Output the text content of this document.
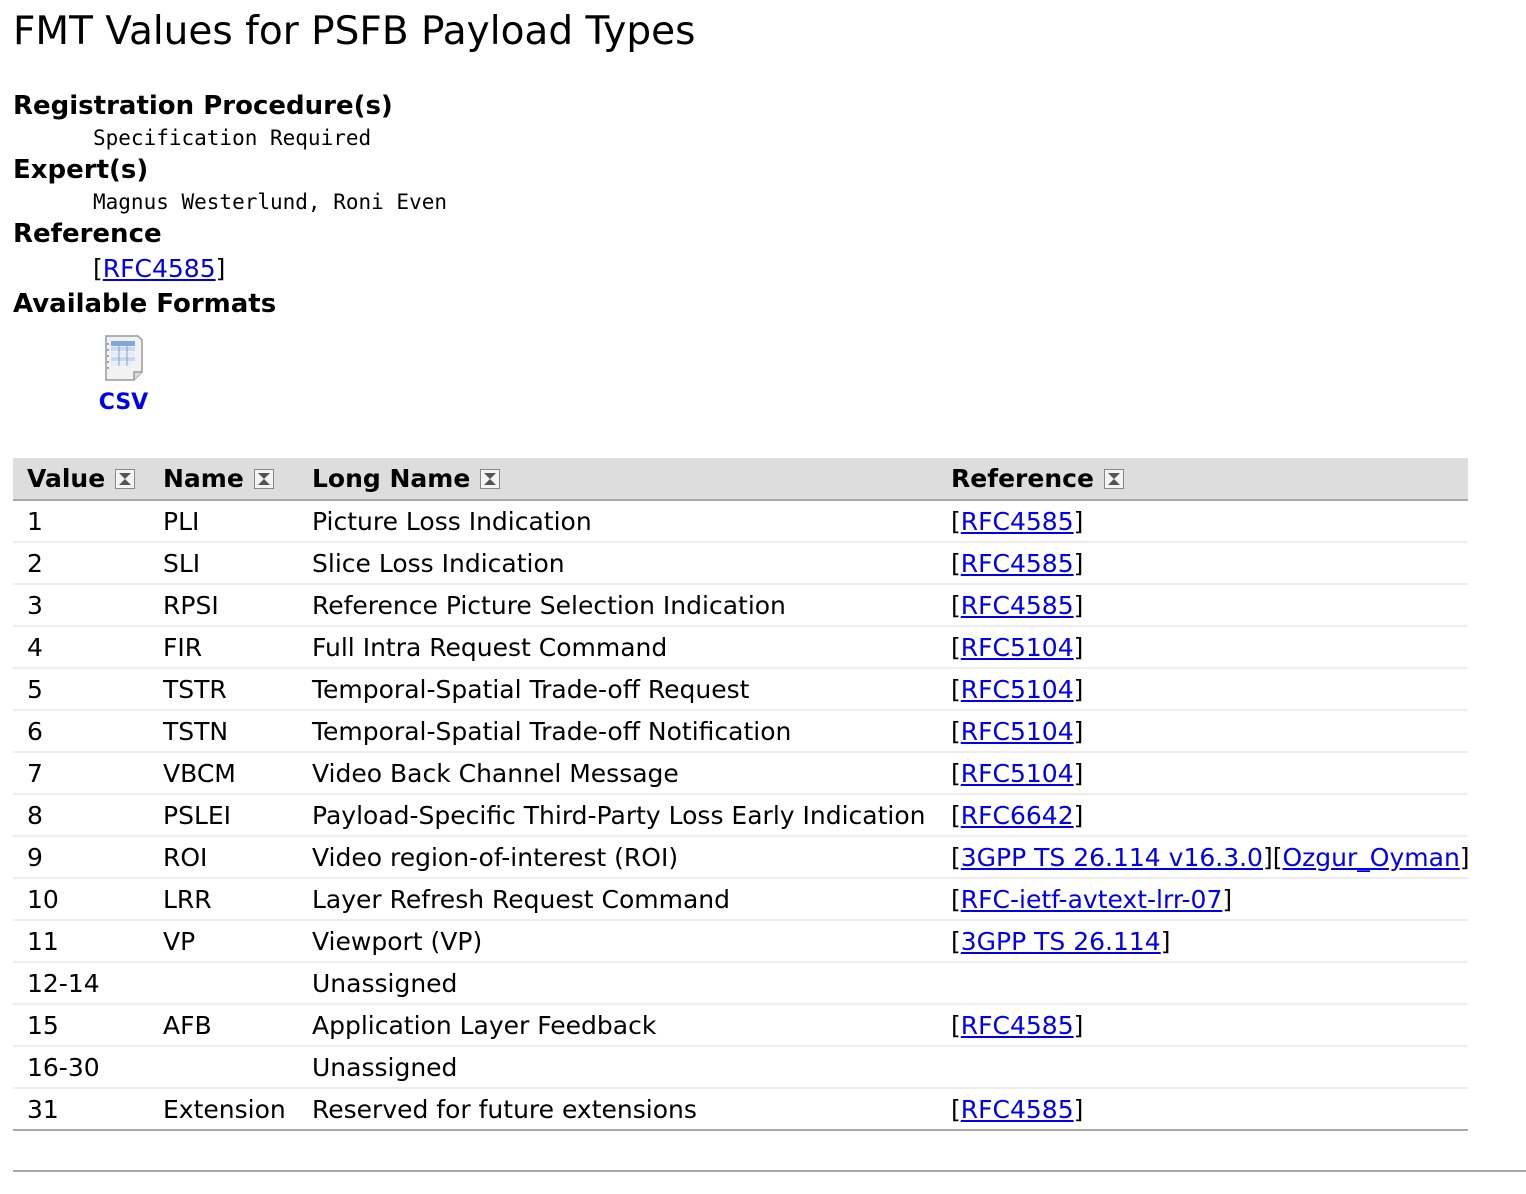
FMT Values for PSFB Payload Types
Registration Procedure(s)
Specification Required
Expert(s)
Magnus Westerlund, Roni Even
Reference
[RFC4585]
Available Formats
CSV
Value	Name	Long Name	Reference
1	PLI	Picture Loss Indication	[RFC4585]
2	SLI	Slice Loss Indication	[RFC4585]
3	RPSI	Reference Picture Selection Indication	[RFC4585]
4	FIR	Full Intra Request Command	[RFC5104]
5	TSTR	Temporal-Spatial Trade-off Request	[RFC5104]
6	TSTN	Temporal-Spatial Trade-off Notification	[RFC5104]
7	VBCM	Video Back Channel Message	[RFC5104]
8	PSLEI	Payload-Specific Third-Party Loss Early Indication	[RFC6642]
9	ROI	Video region-of-interest (ROI)	[3GPP TS 26.114 v16.3.0][Ozgur_Oyman]
10	LRR	Layer Refresh Request Command	[RFC-ietf-avtext-lrr-07]
11	VP	Viewport (VP)	[3GPP TS 26.114]
12-14		Unassigned	
15	AFB	Application Layer Feedback	[RFC4585]
16-30		Unassigned	
31	Extension	Reserved for future extensions	[RFC4585]
